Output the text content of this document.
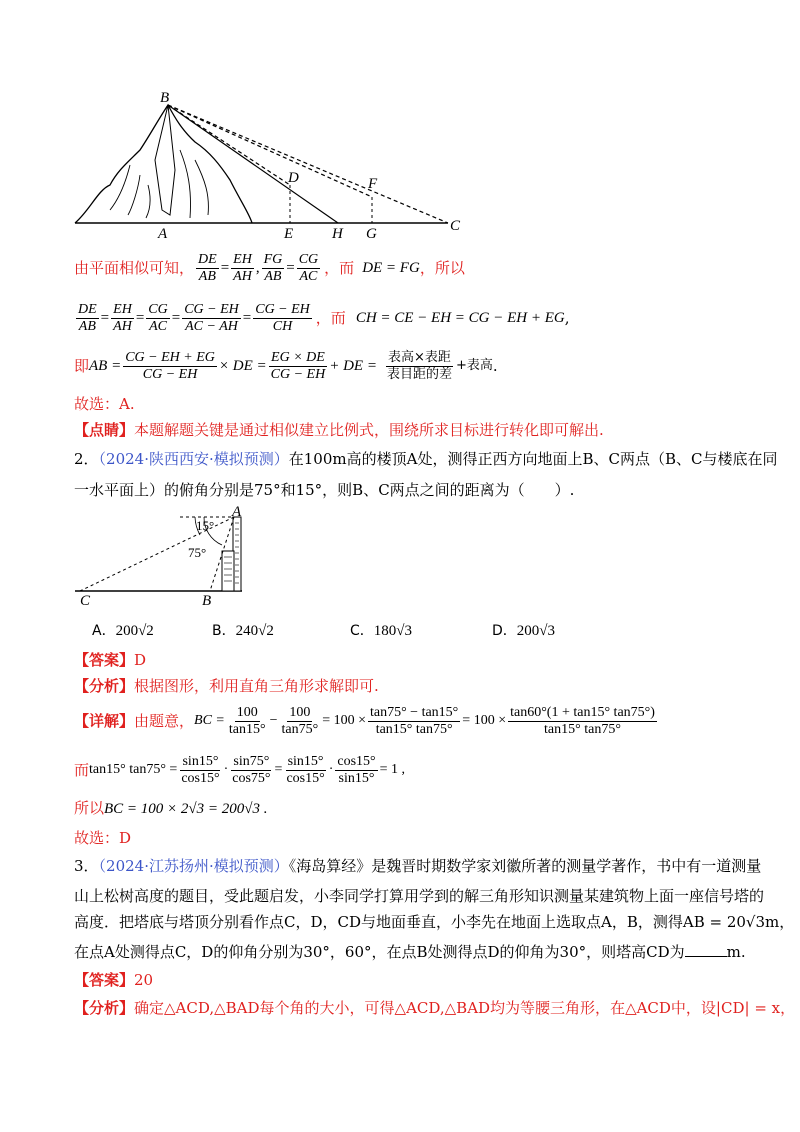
B
D	F
A	E	H G	C
由平面相似可知， $\frac{DE}{AB} = \frac{EH}{AH}$ , $\frac{FG}{AB} = \frac{CG}{AC}$ ，而 DE = FG ，所以
$\frac{DE}{AB} = \frac{EH}{AH} = \frac{CG}{AC} = \frac{CG - EH}{AC - AH} = \frac{CG - EH}{CH}$ ，而 CH = CE − EH = CG − EH + EG ,
即 AB = $\frac{CG - EH + EG}{CG - EH}$ × DE = $\frac{EG \times DE}{CG - EH}$ + DE = $\frac{\text{表高×表距}}{\text{表目距的差}}$ +表高 .
故选：A.
【点睛】本题解题关键是通过相似建立比例式，围绕所求目标进行转化即可解出.
2．（2024·陕西西安·模拟预测）在100m高的楼顶A处，测得正西方向地面上B、C两点（B、C与楼底在同
一水平面上）的俯角分别是75°和15°，则B、C两点之间的距离为（　　）.
15°
75°
A
C	B
A．200√2	B．240√2	C．180√3	D．200√3
【答案】D
【分析】根据图形，利用直角三角形求解即可.
【详解】 由题意， BC = $\frac{100}{\tan 15^\circ} - \frac{100}{\tan 75^\circ} = 100 \times \frac{\tan 75^\circ - \tan 15^\circ}{\tan 15^\circ \tan 75^\circ} = 100 \times \frac{\tan 60^\circ(1 + \tan 15^\circ \tan 75^\circ)}{\tan 15^\circ \tan 75^\circ}$
而 tan15° $\tan 75^\circ = \frac{\sin 15^\circ}{\cos 15^\circ} \cdot \frac{\sin 75^\circ}{\cos 75^\circ} = \frac{\sin 15^\circ}{\cos 15^\circ} \cdot \frac{\cos 15^\circ}{\sin 15^\circ} = 1$ ,
所以BC = 100 × 2√3 = 200√3 .
故选：D
3．（2024·江苏扬州·模拟预测）《海岛算经》是魏晋时期数学家刘徽所著的测量学著作，书中有一道测量
山上松树高度的题目，受此题启发，小李同学打算用学到的解三角形知识测量某建筑物上面一座信号塔的
高度．把塔底与塔顶分别看作点C，D，CD与地面垂直，小李先在地面上选取点A，B，测得AB = 20√3m，
在点A处测得点C，D的仰角分别为30°，60°，在点B处测得点D的仰角为30°，则塔高CD为	m.
【答案】20
【分析】确定△ACD,△BAD每个角的大小，可得△ACD,△BAD均为等腰三角形，在△ACD中，设|CD| = x，
